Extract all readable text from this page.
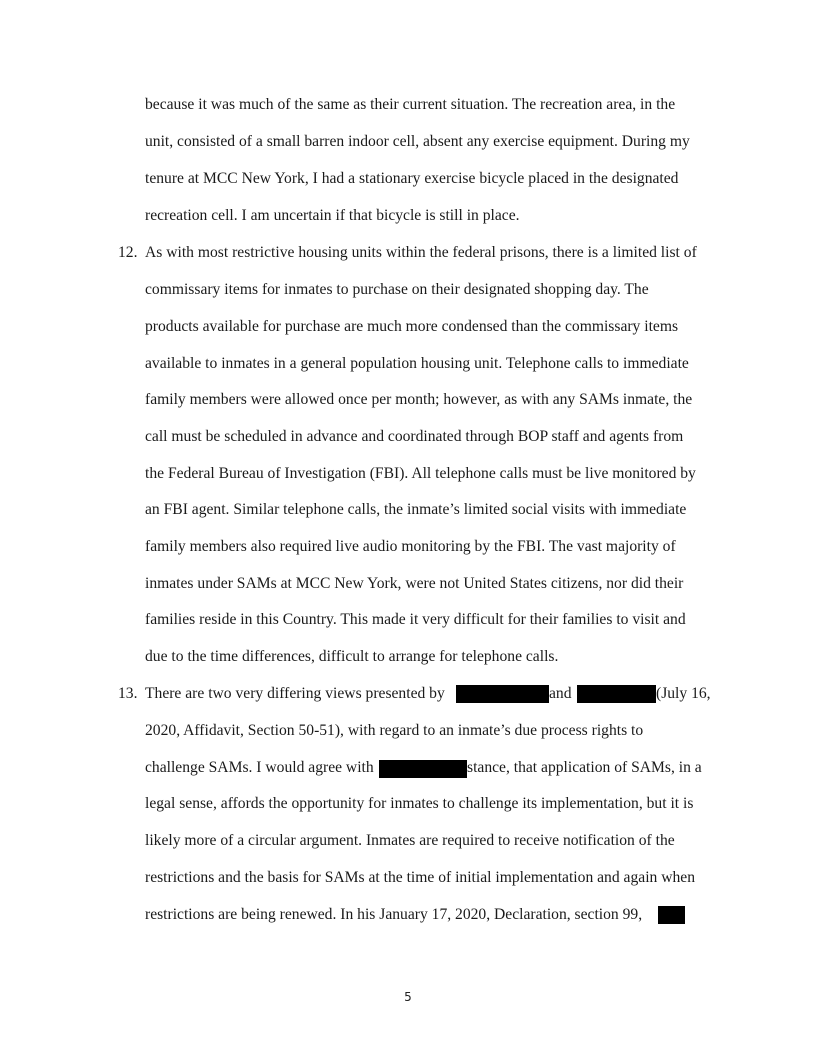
because it was much of the same as their current situation. The recreation area, in the
unit, consisted of a small barren indoor cell, absent any exercise equipment. During my
tenure at MCC New York, I had a stationary exercise bicycle placed in the designated
recreation cell. I am uncertain if that bicycle is still in place.
12. As with most restrictive housing units within the federal prisons, there is a limited list of
commissary items for inmates to purchase on their designated shopping day. The
products available for purchase are much more condensed than the commissary items
available to inmates in a general population housing unit. Telephone calls to immediate
family members were allowed once per month; however, as with any SAMs inmate, the
call must be scheduled in advance and coordinated through BOP staff and agents from
the Federal Bureau of Investigation (FBI). All telephone calls must be live monitored by
an FBI agent. Similar telephone calls, the inmate’s limited social visits with immediate
family members also required live audio monitoring by the FBI. The vast majority of
inmates under SAMs at MCC New York, were not United States citizens, nor did their
families reside in this Country. This made it very difficult for their families to visit and
due to the time differences, difficult to arrange for telephone calls.
13. There are two very differing views presented by	and	(July 16,
2020, Affidavit, Section 50-51), with regard to an inmate’s due process rights to
challenge SAMs. I would agree with	stance, that application of SAMs, in a
legal sense, affords the opportunity for inmates to challenge its implementation, but it is
likely more of a circular argument. Inmates are required to receive notification of the
restrictions and the basis for SAMs at the time of initial implementation and again when
restrictions are being renewed. In his January 17, 2020, Declaration, section 99,
5
